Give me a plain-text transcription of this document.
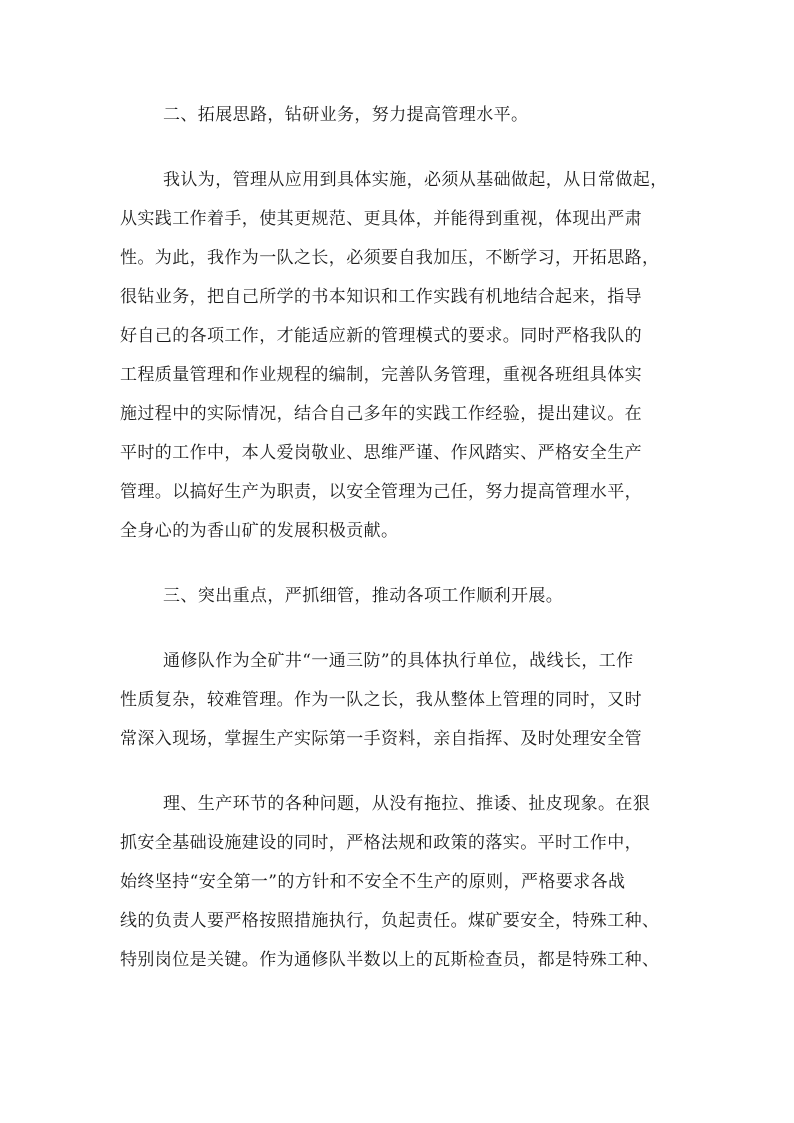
二、拓展思路，钻研业务，努力提高管理水平。
我认为，管理从应用到具体实施，必须从基础做起，从日常做起，
从实践工作着手，使其更规范、更具体，并能得到重视，体现出严肃
性。为此，我作为一队之长，必须要自我加压，不断学习，开拓思路，
很钻业务，把自己所学的书本知识和工作实践有机地结合起来，指导
好自己的各项工作，才能适应新的管理模式的要求。同时严格我队的
工程质量管理和作业规程的编制，完善队务管理，重视各班组具体实
施过程中的实际情况，结合自己多年的实践工作经验，提出建议。在
平时的工作中，本人爱岗敬业、思维严谨、作风踏实、严格安全生产
管理。以搞好生产为职责，以安全管理为己任，努力提高管理水平，
全身心的为香山矿的发展积极贡献。
三、突出重点，严抓细管，推动各项工作顺利开展。
通修队作为全矿井“一通三防”的具体执行单位，战线长，工作
性质复杂，较难管理。作为一队之长，我从整体上管理的同时，又时
常深入现场，掌握生产实际第一手资料，亲自指挥、及时处理安全管
理、生产环节的各种问题，从没有拖拉、推诿、扯皮现象。在狠
抓安全基础设施建设的同时，严格法规和政策的落实。平时工作中，
始终坚持“安全第一”的方针和不安全不生产的原则，严格要求各战
线的负责人要严格按照措施执行，负起责任。煤矿要安全，特殊工种、
特别岗位是关键。作为通修队半数以上的瓦斯检查员，都是特殊工种、
